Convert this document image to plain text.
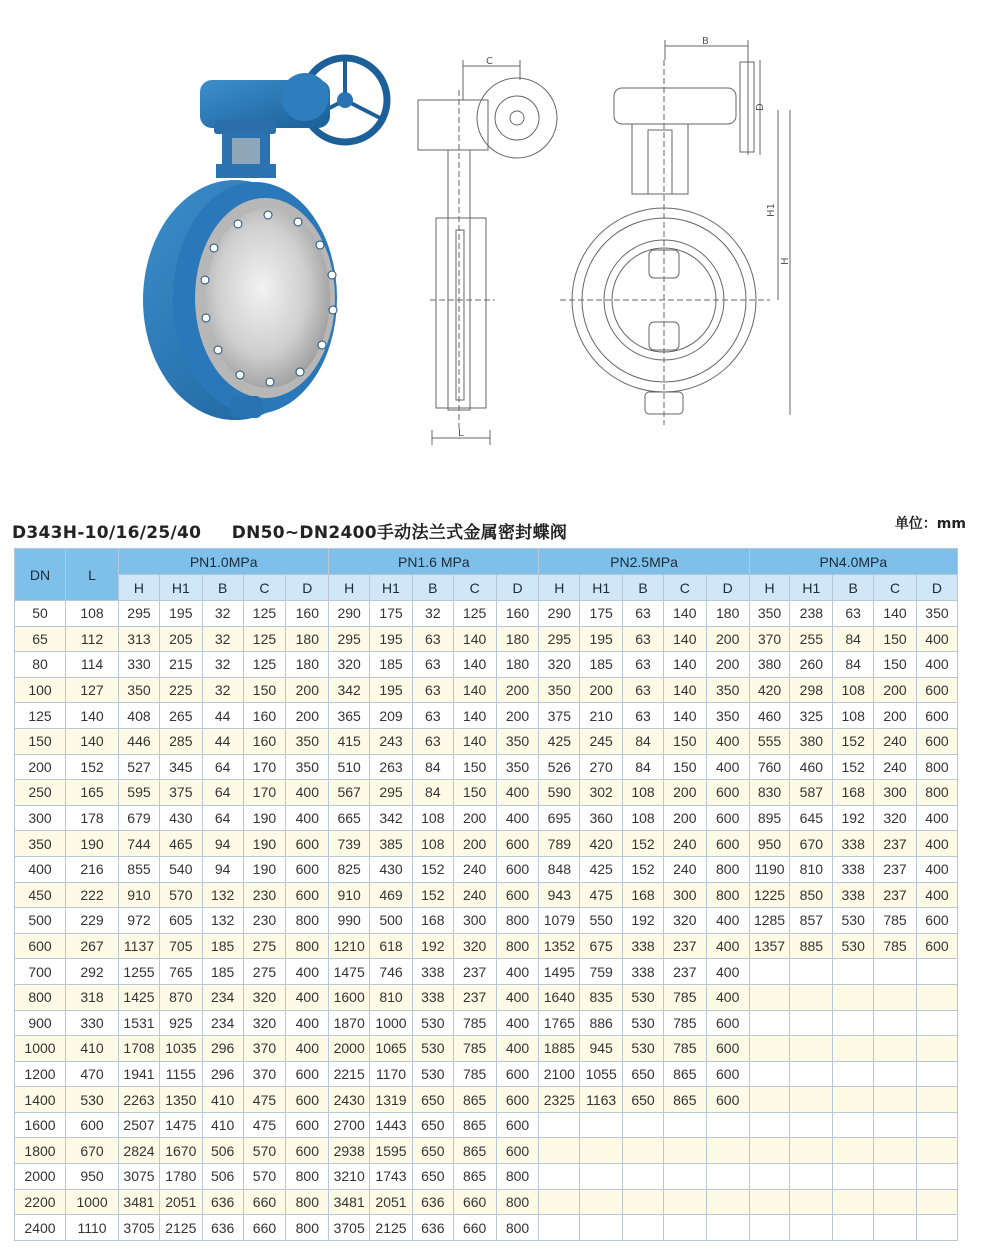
C
L
B
D
H1
H
D343H-10/16/25/40 DN50~DN2400手动法兰式金属密封蝶阀	单位：mm
DN	L	PN1.0MPa					PN1.6 MPa					PN2.5MPa					PN4.0MPa				
		H	H1	B	C	D	H	H1	B	C	D	H	H1	B	C	D	H	H1	B	C	D
50	108	295	195	32	125	160	290	175	32	125	160	290	175	63	140	180	350	238	63	140	350
65	112	313	205	32	125	180	295	195	63	140	180	295	195	63	140	200	370	255	84	150	400
80	114	330	215	32	125	180	320	185	63	140	180	320	185	63	140	200	380	260	84	150	400
100	127	350	225	32	150	200	342	195	63	140	200	350	200	63	140	350	420	298	108	200	600
125	140	408	265	44	160	200	365	209	63	140	200	375	210	63	140	350	460	325	108	200	600
150	140	446	285	44	160	350	415	243	63	140	350	425	245	84	150	400	555	380	152	240	600
200	152	527	345	64	170	350	510	263	84	150	350	526	270	84	150	400	760	460	152	240	800
250	165	595	375	64	170	400	567	295	84	150	400	590	302	108	200	600	830	587	168	300	800
300	178	679	430	64	190	400	665	342	108	200	400	695	360	108	200	600	895	645	192	320	400
350	190	744	465	94	190	600	739	385	108	200	600	789	420	152	240	600	950	670	338	237	400
400	216	855	540	94	190	600	825	430	152	240	600	848	425	152	240	800	1190	810	338	237	400
450	222	910	570	132	230	600	910	469	152	240	600	943	475	168	300	800	1225	850	338	237	400
500	229	972	605	132	230	800	990	500	168	300	800	1079	550	192	320	400	1285	857	530	785	600
600	267	1137	705	185	275	800	1210	618	192	320	800	1352	675	338	237	400	1357	885	530	785	600
700	292	1255	765	185	275	400	1475	746	338	237	400	1495	759	338	237	400					
800	318	1425	870	234	320	400	1600	810	338	237	400	1640	835	530	785	400					
900	330	1531	925	234	320	400	1870	1000	530	785	400	1765	886	530	785	600					
1000	410	1708	1035	296	370	400	2000	1065	530	785	400	1885	945	530	785	600					
1200	470	1941	1155	296	370	600	2215	1170	530	785	600	2100	1055	650	865	600					
1400	530	2263	1350	410	475	600	2430	1319	650	865	600	2325	1163	650	865	600					
1600	600	2507	1475	410	475	600	2700	1443	650	865	600										
1800	670	2824	1670	506	570	600	2938	1595	650	865	600										
2000	950	3075	1780	506	570	800	3210	1743	650	865	800										
2200	1000	3481	2051	636	660	800	3481	2051	636	660	800										
2400	1110	3705	2125	636	660	800	3705	2125	636	660	800										
